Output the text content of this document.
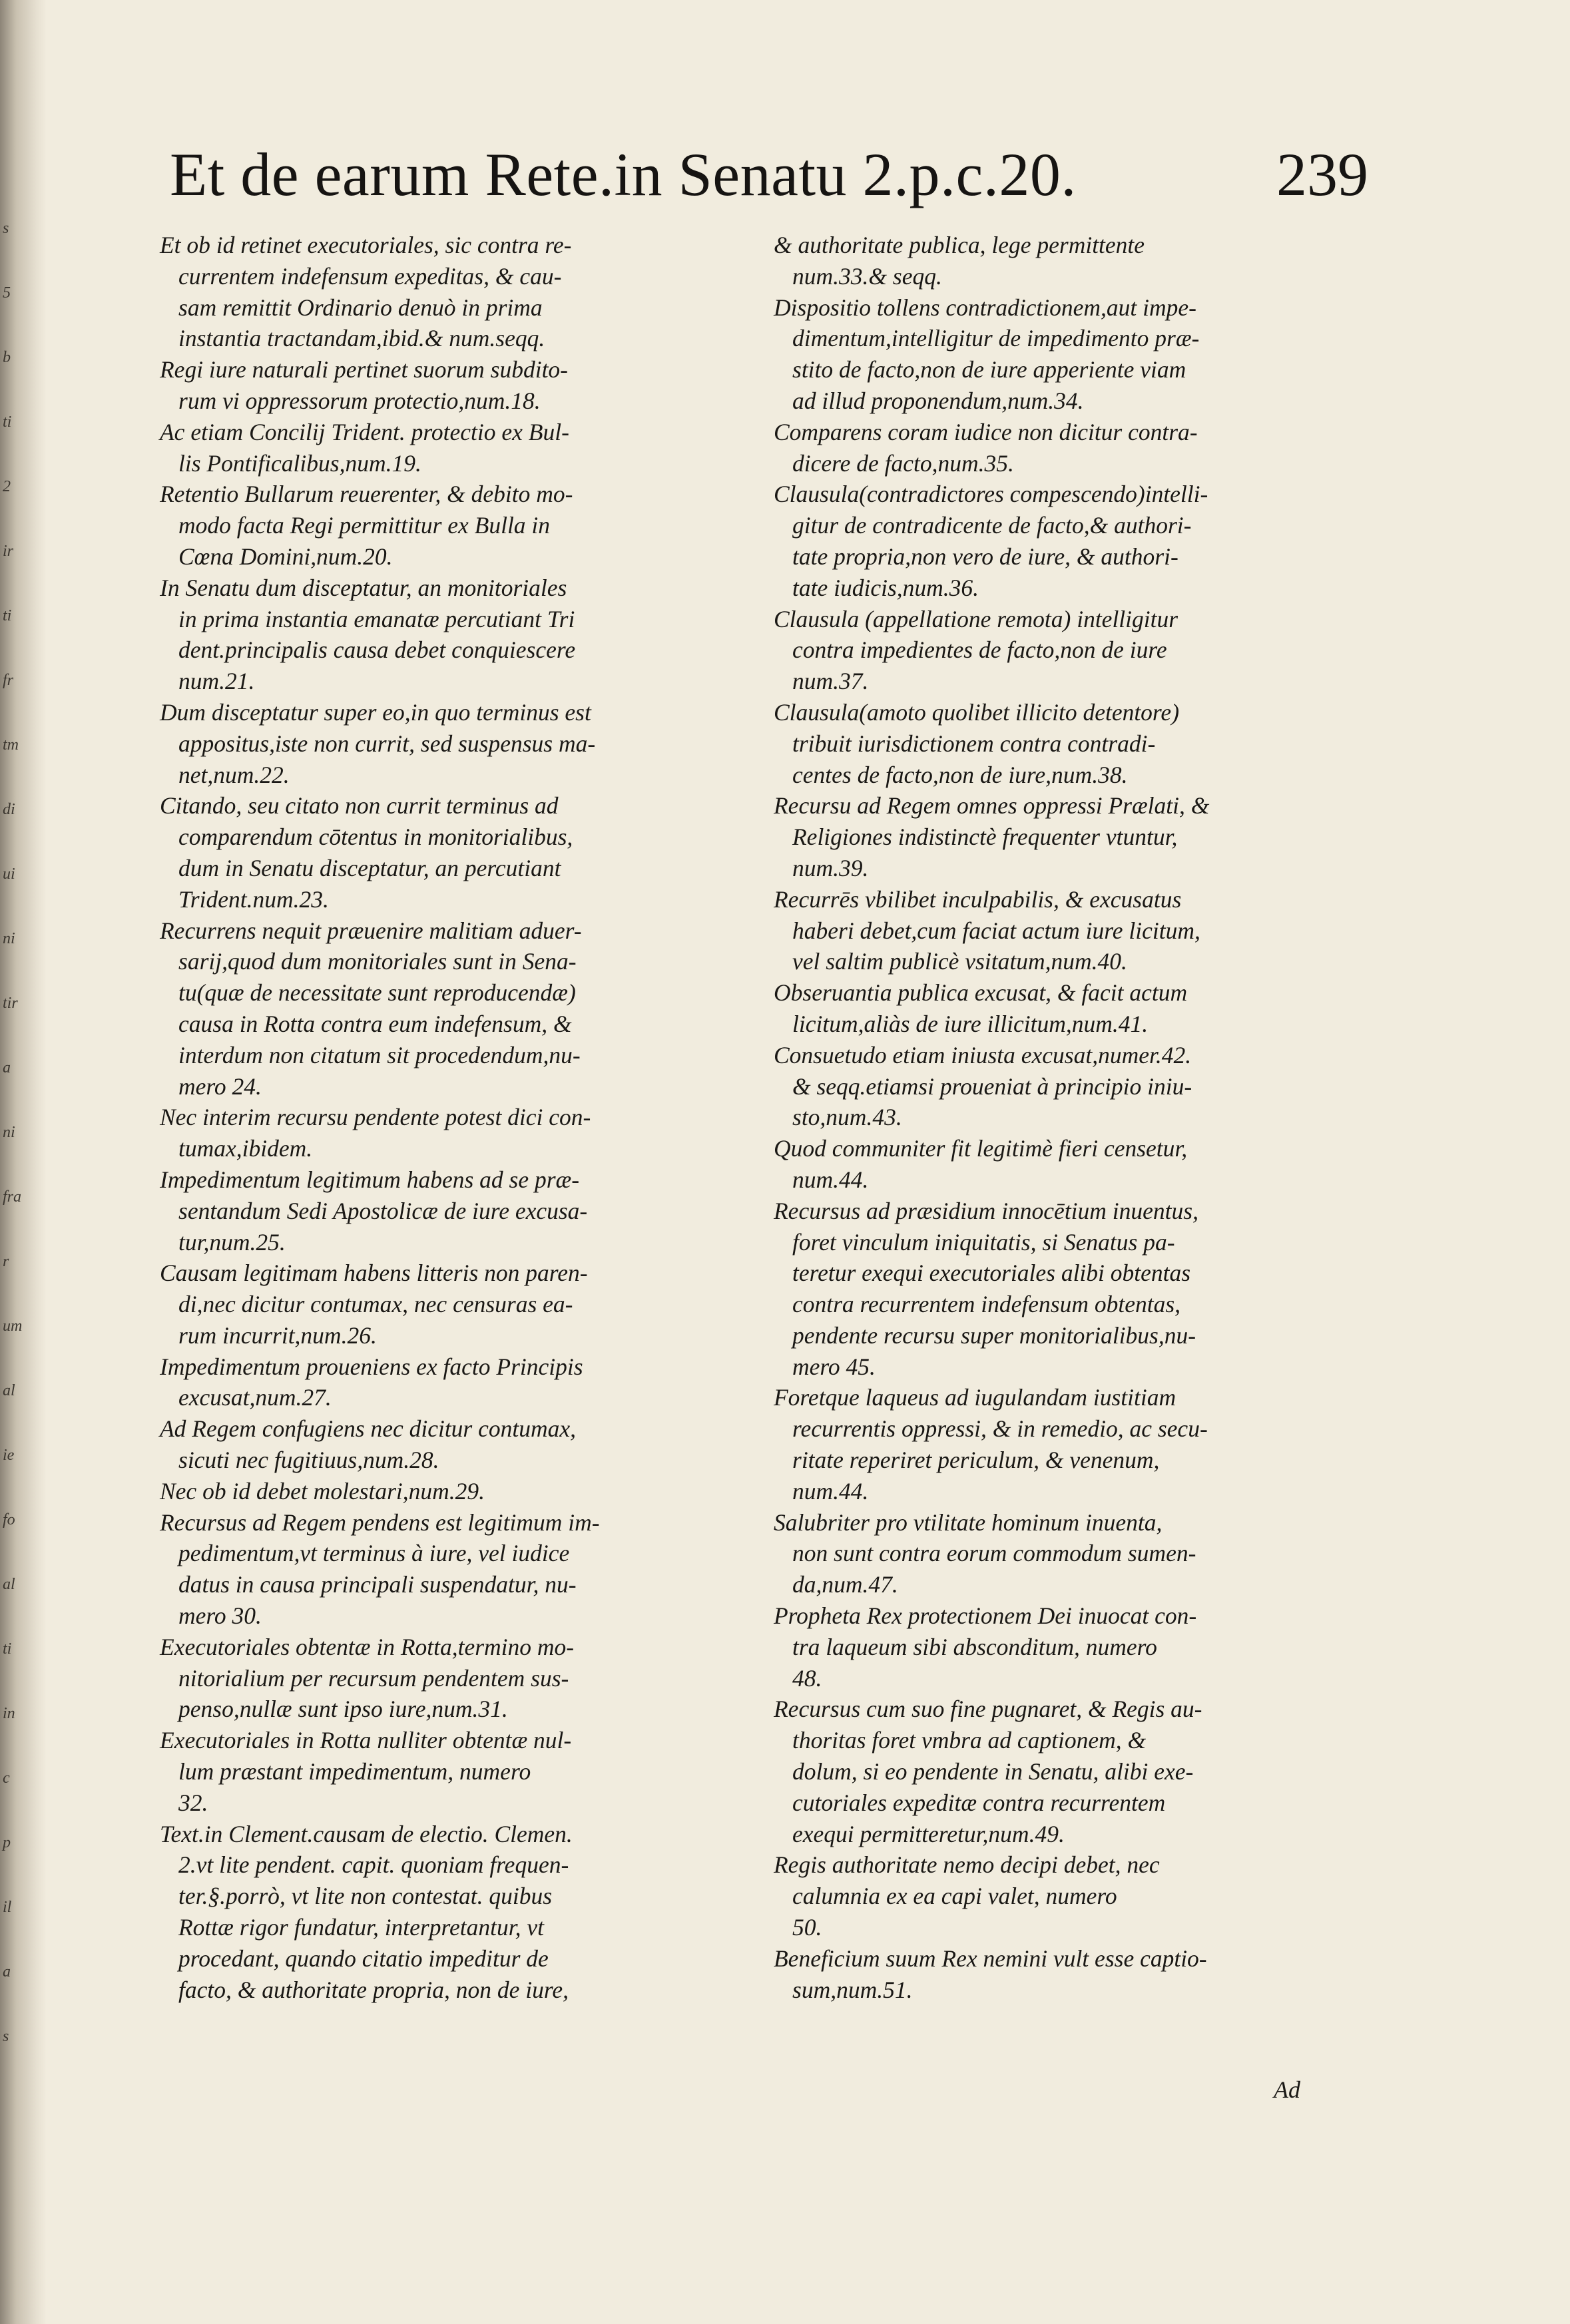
s
5
b
ti
2
ir
ti
fr
tm
di
ui
ni
tir
a
ni
fra
r
um
al
ie
fo
al
ti
in
c
p
il
a
s
Et de earum Rete.in Senatu 2.p.c.20.	239

Et ob id retinet executoriales, sic contra re-
currentem indefensum expeditas, & cau-
sam remittit Ordinario denuò in prima
instantia tractandam,ibid.& num.seqq.

Regi iure naturali pertinet suorum subdito-
rum vi oppressorum protectio,num.18.

Ac etiam Concilij Trident. protectio ex Bul-
lis Pontificalibus,num.19.

Retentio Bullarum reuerenter, & debito mo-
modo facta Regi permittitur ex Bulla in
Cœna Domini,num.20.

In Senatu dum disceptatur, an monitoriales
in prima instantia emanatæ percutiant Tri
dent.principalis causa debet conquiescere
num.21.

Dum disceptatur super eo,in quo terminus est
appositus,iste non currit, sed suspensus ma-
net,num.22.

Citando, seu citato non currit terminus ad
comparendum cōtentus in monitorialibus,
dum in Senatu disceptatur, an percutiant
Trident.num.23.

Recurrens nequit præuenire malitiam aduer-
sarij,quod dum monitoriales sunt in Sena-
tu(quæ de necessitate sunt reproducendæ)
causa in Rotta contra eum indefensum, &
interdum non citatum sit procedendum,nu-
mero 24.

Nec interim recursu pendente potest dici con-
tumax,ibidem.

Impedimentum legitimum habens ad se præ-
sentandum Sedi Apostolicæ de iure excusa-
tur,num.25.

Causam legitimam habens litteris non paren-
di,nec dicitur contumax, nec censuras ea-
rum incurrit,num.26.

Impedimentum proueniens ex facto Principis
excusat,num.27.

Ad Regem confugiens nec dicitur contumax,
sicuti nec fugitiuus,num.28.

Nec ob id debet molestari,num.29.

Recursus ad Regem pendens est legitimum im-
pedimentum,vt terminus à iure, vel iudice
datus in causa principali suspendatur, nu-
mero 30.

Executoriales obtentæ in Rotta,termino mo-
nitorialium per recursum pendentem sus-
penso,nullæ sunt ipso iure,num.31.

Executoriales in Rotta nulliter obtentæ nul-
lum præstant impedimentum, numero
32.

Text.in Clement.causam de electio. Clemen.
2.vt lite pendent. capit. quoniam frequen-
ter.§.porrò, vt lite non contestat. quibus
Rottæ rigor fundatur, interpretantur, vt
procedant, quando citatio impeditur de
facto, & authoritate propria, non de iure,

& authoritate publica, lege permittente
num.33.& seqq.

Dispositio tollens contradictionem,aut impe-
dimentum,intelligitur de impedimento præ-
stito de facto,non de iure apperiente viam
ad illud proponendum,num.34.

Comparens coram iudice non dicitur contra-
dicere de facto,num.35.

Clausula(contradictores compescendo)intelli-
gitur de contradicente de facto,& authori-
tate propria,non vero de iure, & authori-
tate iudicis,num.36.

Clausula (appellatione remota) intelligitur
contra impedientes de facto,non de iure
num.37.

Clausula(amoto quolibet illicito detentore)
tribuit iurisdictionem contra contradi-
centes de facto,non de iure,num.38.

Recursu ad Regem omnes oppressi Prælati, &
Religiones indistinctè frequenter vtuntur,
num.39.

Recurrēs vbilibet inculpabilis, & excusatus
haberi debet,cum faciat actum iure licitum,
vel saltim publicè vsitatum,num.40.

Obseruantia publica excusat, & facit actum
licitum,aliàs de iure illicitum,num.41.

Consuetudo etiam iniusta excusat,numer.42.
& seqq.etiamsi proueniat à principio iniu-
sto,num.43.

Quod communiter fit legitimè fieri censetur,
num.44.

Recursus ad præsidium innocētium inuentus,
foret vinculum iniquitatis, si Senatus pa-
teretur exequi executoriales alibi obtentas
contra recurrentem indefensum obtentas,
pendente recursu super monitorialibus,nu-
mero 45.

Foretque laqueus ad iugulandam iustitiam
recurrentis oppressi, & in remedio, ac secu-
ritate reperiret periculum, & venenum,
num.44.

Salubriter pro vtilitate hominum inuenta,
non sunt contra eorum commodum sumen-
da,num.47.

Propheta Rex protectionem Dei inuocat con-
tra laqueum sibi absconditum, numero
48.

Recursus cum suo fine pugnaret, & Regis au-
thoritas foret vmbra ad captionem, &
dolum, si eo pendente in Senatu, alibi exe-
cutoriales expeditæ contra recurrentem
exequi permitteretur,num.49.

Regis authoritate nemo decipi debet, nec
calumnia ex ea capi valet, numero
50.

Beneficium suum Rex nemini vult esse captio-
sum,num.51.

Ad
